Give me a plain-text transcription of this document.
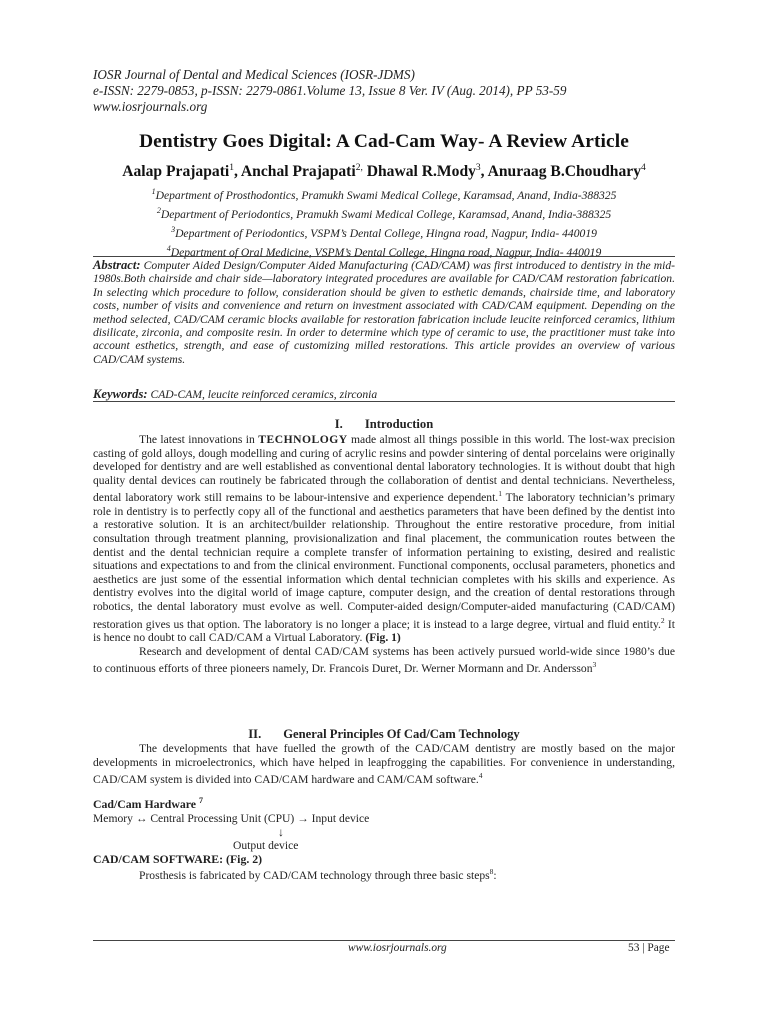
IOSR Journal of Dental and Medical Sciences (IOSR-JDMS)
e-ISSN: 2279-0853, p-ISSN: 2279-0861.Volume 13, Issue 8 Ver. IV (Aug. 2014), PP 53-59
www.iosrjournals.org
Dentistry Goes Digital: A Cad-Cam Way- A Review Article
Aalap Prajapati$^1$, Anchal Prajapati$^{2,}$ Dhawal R.Mody$^3$, Anuraag B.Choudhary$^4$
$^1$Department of Prosthodontics, Pramukh Swami Medical College, Karamsad, Anand, India-388325
$^2$Department of Periodontics, Pramukh Swami Medical College, Karamsad, Anand, India-388325
$^3$Department of Periodontics, VSPM’s Dental College, Hingna road, Nagpur, India- 440019
$^4$Department of Oral Medicine, VSPM’s Dental College, Hingna road, Nagpur, India- 440019
Abstract: Computer Aided Design/Computer Aided Manufacturing (CAD/CAM) was first introduced to dentistry in the mid-1980s.Both chairside and chair side—laboratory integrated procedures are available for CAD/CAM restoration fabrication. In selecting which procedure to follow, consideration should be given to esthetic demands, chairside time, and laboratory costs, number of visits and convenience and return on investment associated with CAD/CAM equipment. Depending on the method selected, CAD/CAM ceramic blocks available for restoration fabrication include leucite reinforced ceramics, lithium disilicate, zirconia, and composite resin. In order to determine which type of ceramic to use, the practitioner must take into account esthetics, strength, and ease of customizing milled restorations. This article provides an overview of various CAD/CAM systems.
Keywords: CAD-CAM, leucite reinforced ceramics, zirconia
I. Introduction

The latest innovations in TECHNOLOGY made almost all things possible in this world. The lost-wax precision casting of gold alloys, dough modelling and curing of acrylic resins and powder sintering of dental porcelains were originally developed for dentistry and are well established as conventional dental laboratory technologies. It is without doubt that high quality dental devices can routinely be fabricated through the collaboration of dentist and dental technicians. Nevertheless, dental laboratory work still remains to be labour-intensive and experience dependent.$^1$ The laboratory technician’s primary role in dentistry is to perfectly copy all of the functional and aesthetics parameters that have been defined by the dentist into a restorative solution. It is an architect/builder relationship. Throughout the entire restorative procedure, from initial consultation through treatment planning, provisionalization and final placement, the communication routes between the dentist and the dental technician require a complete transfer of information pertaining to existing, desired and realistic situations and expectations to and from the clinical environment. Functional components, occlusal parameters, phonetics and aesthetics are just some of the essential information which dental technician completes with his skills and experience. As dentistry evolves into the digital world of image capture, computer design, and the creation of dental restorations through robotics, the dental laboratory must evolve as well. Computer-aided design/Computer-aided manufacturing (CAD/CAM) restoration gives us that option. The laboratory is no longer a place; it is instead to a large degree, virtual and fluid entity.$^2$ It is hence no doubt to call CAD/CAM a Virtual Laboratory. (Fig. 1)

Research and development of dental CAD/CAM systems has been actively pursued world-wide since 1980’s due to continuous efforts of three pioneers namely, Dr. Francois Duret, Dr. Werner Mormann and Dr. Andersson$^3$

II. General Principles Of Cad/Cam Technology

The developments that have fuelled the growth of the CAD/CAM dentistry are mostly based on the major developments in microelectronics, which have helped in leapfrogging the capabilities. For convenience in understanding, CAD/CAM system is divided into CAD/CAM hardware and CAM/CAM software.$^4$

Cad/Cam Hardware $^7$
Memory ↔ Central Processing Unit (CPU) → Input device
↓
Output device
CAD/CAM SOFTWARE: (Fig. 2)
Prosthesis is fabricated by CAD/CAM technology through three basic steps$^8$:
www.iosrjournals.org	53 | Page
